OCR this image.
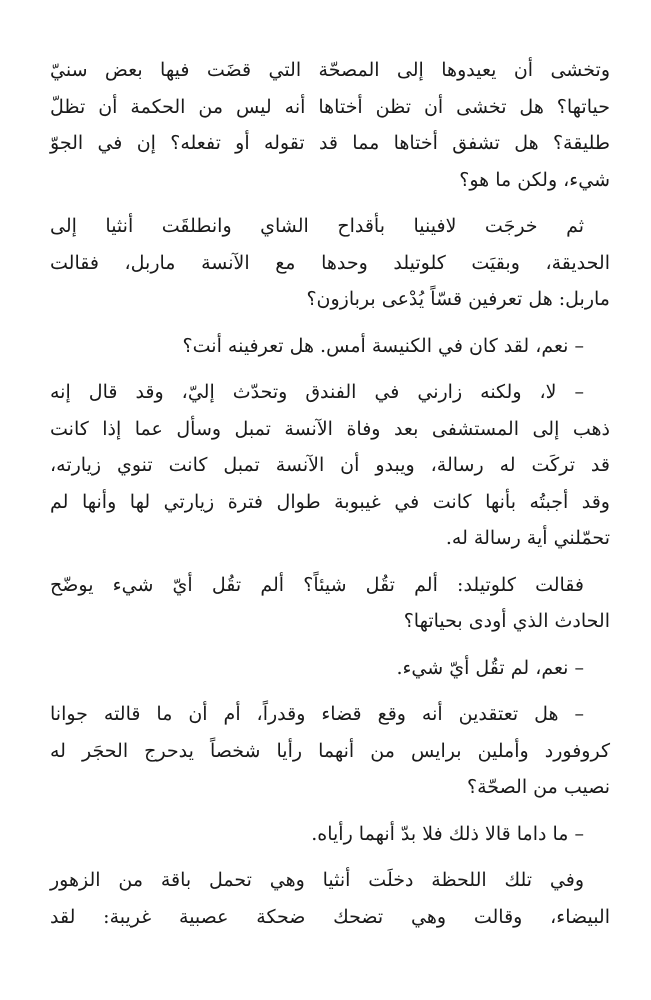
وتخشى أن يعيدوها إلى المصحّة التي قضَت فيها بعض سنيّ
حياتها؟ هل تخشى أن تظن أختاها أنه ليس من الحكمة أن تظلّ
طليقة؟ هل تشفق أختاها مما قد تقوله أو تفعله؟ إن في الجوّ
شيء، ولكن ما هو؟
ثم خرجَت لافينيا بأقداح الشاي وانطلقَت أنثيا إلى
الحديقة، وبقيَت كلوتيلد وحدها مع الآنسة ماربل، فقالت
ماربل: هل تعرفين قسّاً يُدْعى بربازون؟
– نعم، لقد كان في الكنيسة أمس. هل تعرفينه أنت؟
– لا، ولكنه زارني في الفندق وتحدّث إليّ، وقد قال إنه
ذهب إلى المستشفى بعد وفاة الآنسة تمبل وسأل عما إذا كانت
قد تركَت له رسالة، ويبدو أن الآنسة تمبل كانت تنوي زيارته،
وقد أجبتُه بأنها كانت في غيبوبة طوال فترة زيارتي لها وأنها لم
تحمّلني أية رسالة له.
فقالت كلوتيلد: ألم تقُل شيئاً؟ ألم تقُل أيّ شيء يوضّح
الحادث الذي أودى بحياتها؟
– نعم، لم تقُل أيّ شيء.
– هل تعتقدين أنه وقع قضاء وقدراً، أم أن ما قالته جوانا
كروفورد وأملين برايس من أنهما رأيا شخصاً يدحرج الحجَر له
نصيب من الصحّة؟
– ما داما قالا ذلك فلا بدّ أنهما رأياه.
وفي تلك اللحظة دخلَت أنثيا وهي تحمل باقة من الزهور
البيضاء، وقالت وهي تضحك ضحكة عصبية غريبة: لقد
